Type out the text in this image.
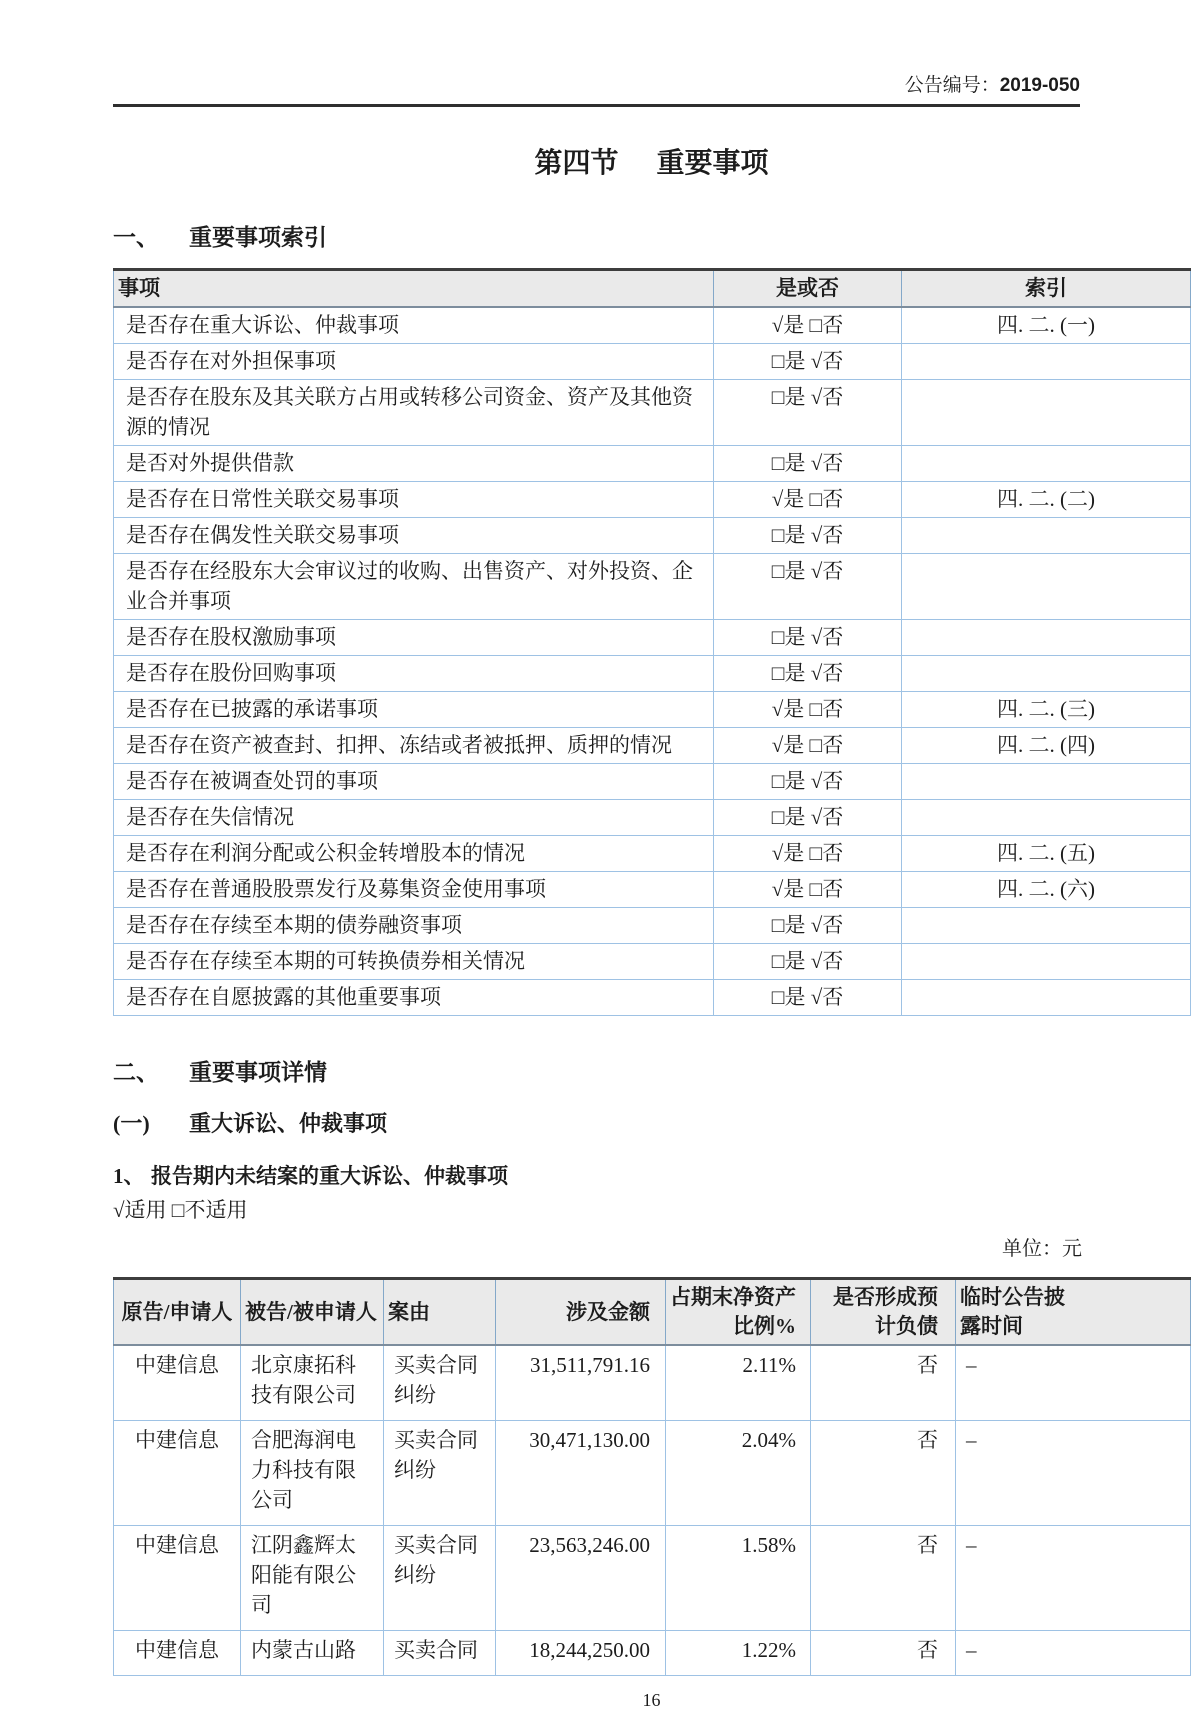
公告编号：2019-050
第四节 重要事项
一、	重要事项索引
事项	是或否	索引
是否存在重大诉讼、仲裁事项	√是 □否	四. 二. (一)
是否存在对外担保事项	□是 √否	
是否存在股东及其关联方占用或转移公司资金、资产及其他资源的情况	□是 √否	
是否对外提供借款	□是 √否	
是否存在日常性关联交易事项	√是 □否	四. 二. (二)
是否存在偶发性关联交易事项	□是 √否	
是否存在经股东大会审议过的收购、出售资产、对外投资、企业合并事项	□是 √否	
是否存在股权激励事项	□是 √否	
是否存在股份回购事项	□是 √否	
是否存在已披露的承诺事项	√是 □否	四. 二. (三)
是否存在资产被查封、扣押、冻结或者被抵押、质押的情况	√是 □否	四. 二. (四)
是否存在被调查处罚的事项	□是 √否	
是否存在失信情况	□是 √否	
是否存在利润分配或公积金转增股本的情况	√是 □否	四. 二. (五)
是否存在普通股股票发行及募集资金使用事项	√是 □否	四. 二. (六)
是否存在存续至本期的债券融资事项	□是 √否	
是否存在存续至本期的可转换债券相关情况	□是 √否	
是否存在自愿披露的其他重要事项	□是 √否	
二、	重要事项详情
(一)	重大诉讼、仲裁事项
1、 报告期内未结案的重大诉讼、仲裁事项
√适用 □不适用
单位：元
原告/申请人	被告/被申请人	案由	涉及金额	占期末净资产比例%	是否形成预计负债	临时公告披露时间
中建信息	北京康拓科技有限公司	买卖合同纠纷	31,511,791.16	2.11%	否	–
中建信息	合肥海润电力科技有限公司	买卖合同纠纷	30,471,130.00	2.04%	否	–
中建信息	江阴鑫辉太阳能有限公司	买卖合同纠纷	23,563,246.00	1.58%	否	–
中建信息	内蒙古山路	买卖合同	18,244,250.00	1.22%	否	–
16
